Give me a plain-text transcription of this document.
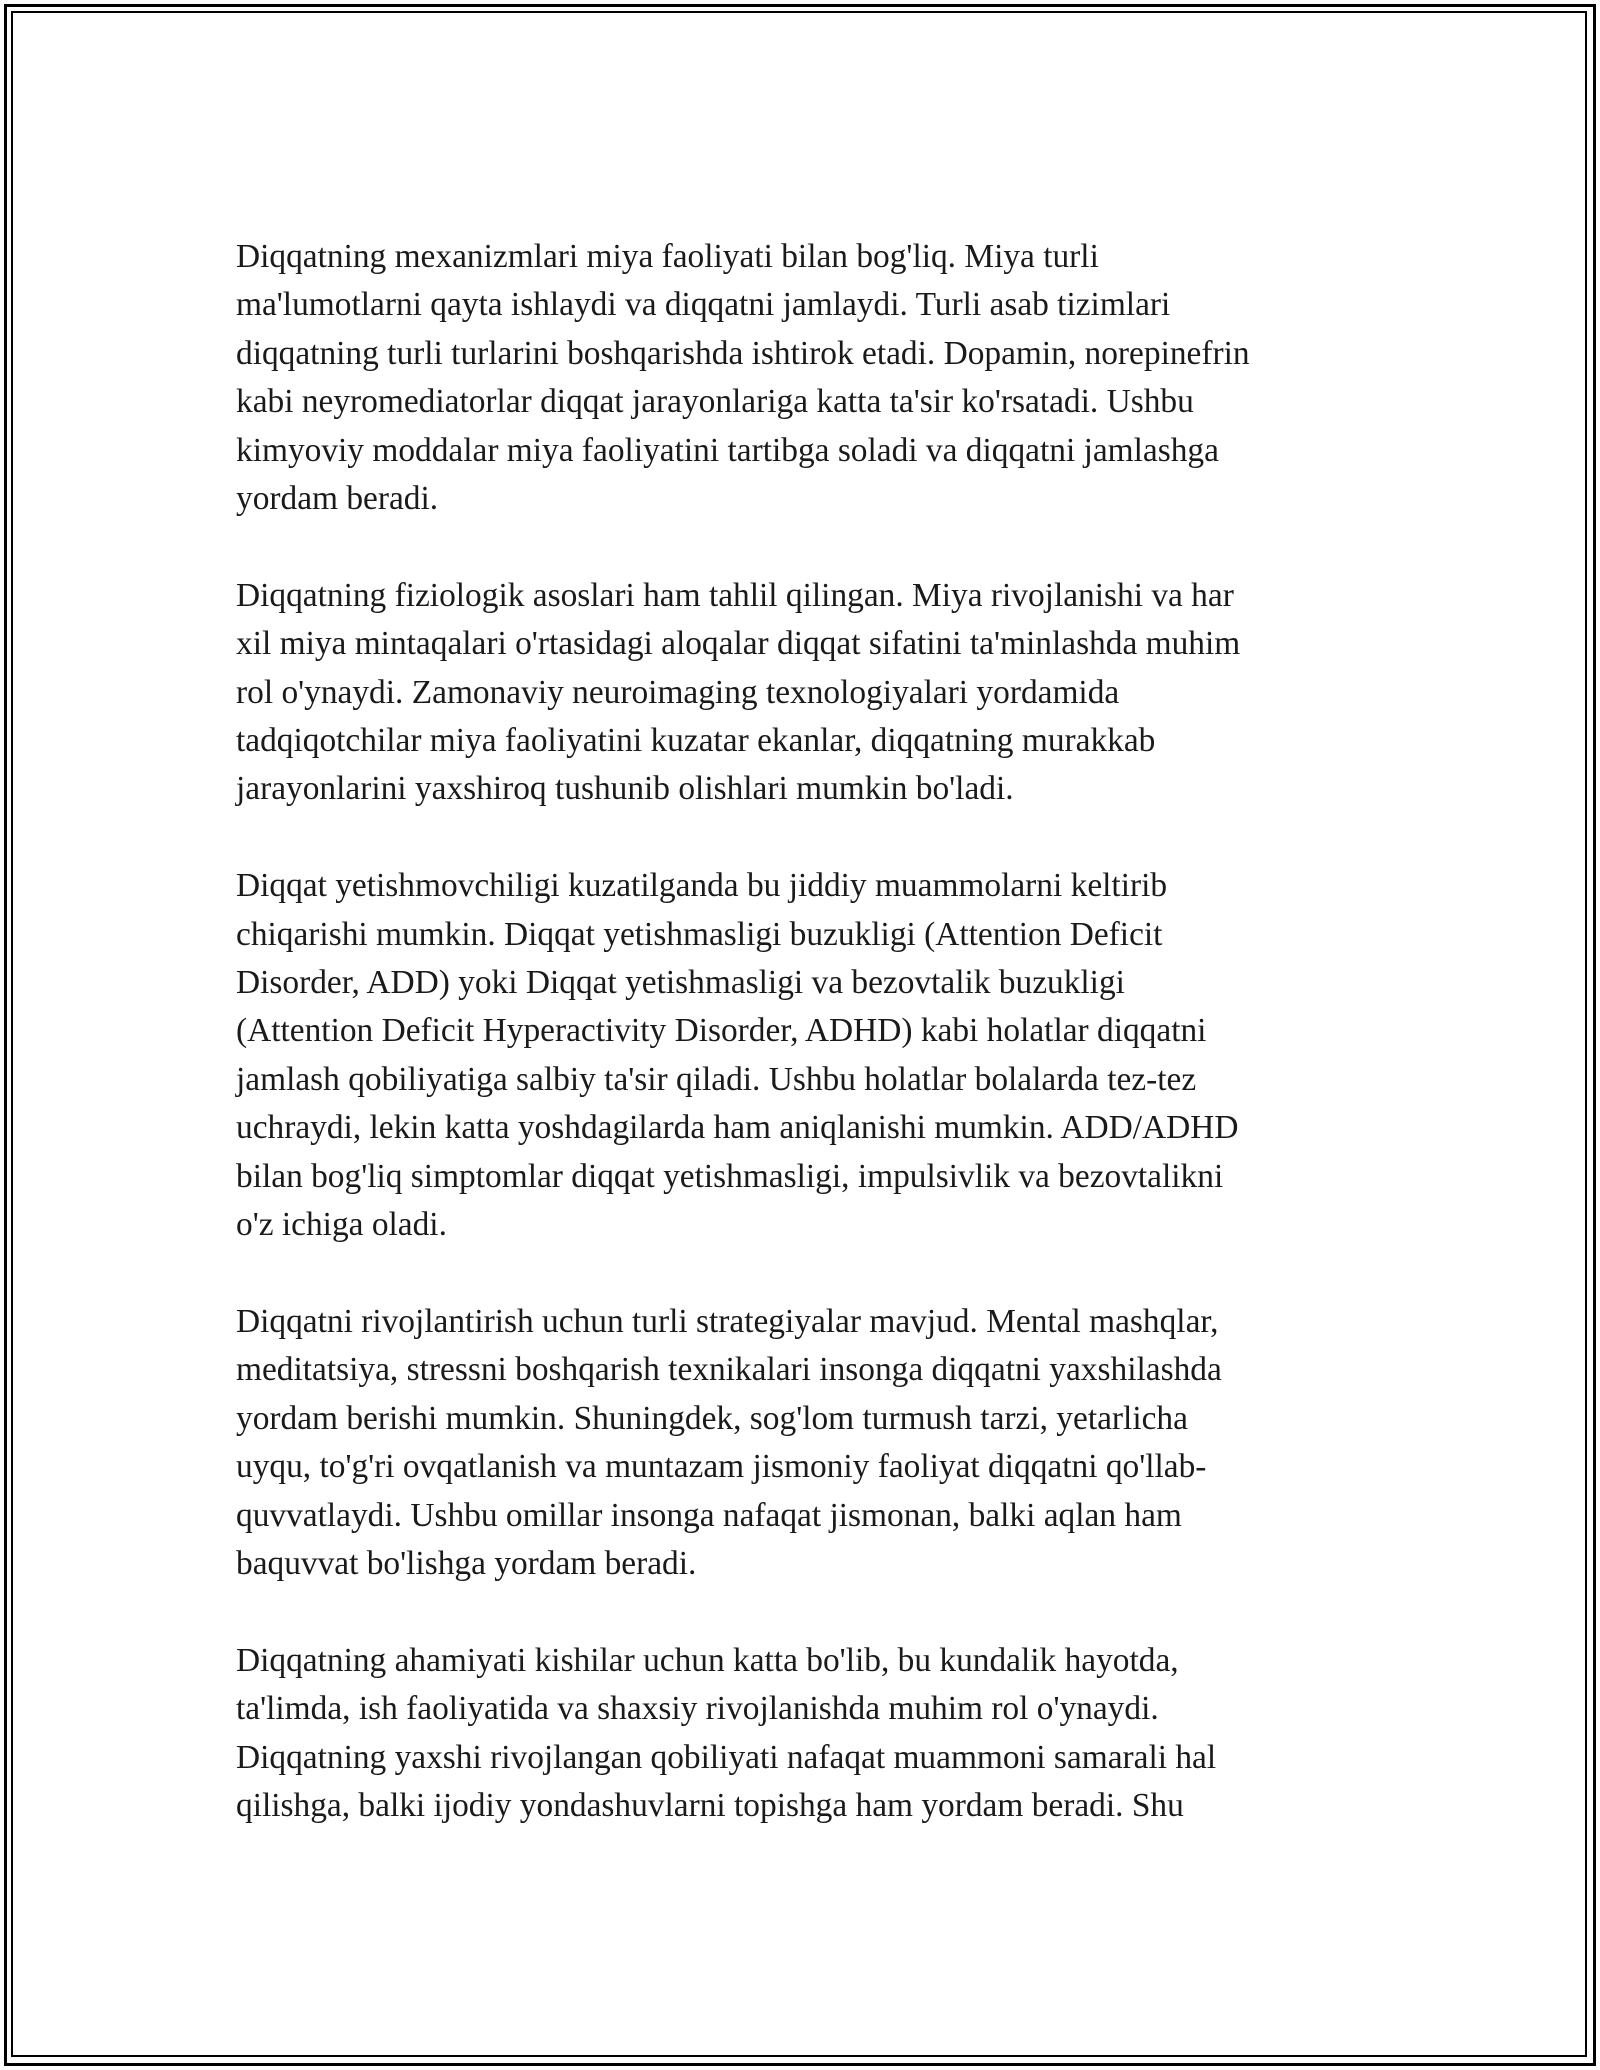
Diqqatning mexanizmlari miya faoliyati bilan bog'liq. Miya turli
ma'lumotlarni qayta ishlaydi va diqqatni jamlaydi. Turli asab tizimlari
diqqatning turli turlarini boshqarishda ishtirok etadi. Dopamin, norepinefrin
kabi neyromediatorlar diqqat jarayonlariga katta ta'sir ko'rsatadi. Ushbu
kimyoviy moddalar miya faoliyatini tartibga soladi va diqqatni jamlashga
yordam beradi.

Diqqatning fiziologik asoslari ham tahlil qilingan. Miya rivojlanishi va har
xil miya mintaqalari o'rtasidagi aloqalar diqqat sifatini ta'minlashda muhim
rol o'ynaydi. Zamonaviy neuroimaging texnologiyalari yordamida
tadqiqotchilar miya faoliyatini kuzatar ekanlar, diqqatning murakkab
jarayonlarini yaxshiroq tushunib olishlari mumkin bo'ladi.

Diqqat yetishmovchiligi kuzatilganda bu jiddiy muammolarni keltirib
chiqarishi mumkin. Diqqat yetishmasligi buzukligi (Attention Deficit
Disorder, ADD) yoki Diqqat yetishmasligi va bezovtalik buzukligi
(Attention Deficit Hyperactivity Disorder, ADHD) kabi holatlar diqqatni
jamlash qobiliyatiga salbiy ta'sir qiladi. Ushbu holatlar bolalarda tez-tez
uchraydi, lekin katta yoshdagilarda ham aniqlanishi mumkin. ADD/ADHD
bilan bog'liq simptomlar diqqat yetishmasligi, impulsivlik va bezovtalikni
o'z ichiga oladi.

Diqqatni rivojlantirish uchun turli strategiyalar mavjud. Mental mashqlar,
meditatsiya, stressni boshqarish texnikalari insonga diqqatni yaxshilashda
yordam berishi mumkin. Shuningdek, sog'lom turmush tarzi, yetarlicha
uyqu, to'g'ri ovqatlanish va muntazam jismoniy faoliyat diqqatni qo'llab-
quvvatlaydi. Ushbu omillar insonga nafaqat jismonan, balki aqlan ham
baquvvat bo'lishga yordam beradi.

Diqqatning ahamiyati kishilar uchun katta bo'lib, bu kundalik hayotda,
ta'limda, ish faoliyatida va shaxsiy rivojlanishda muhim rol o'ynaydi.
Diqqatning yaxshi rivojlangan qobiliyati nafaqat muammoni samarali hal
qilishga, balki ijodiy yondashuvlarni topishga ham yordam beradi. Shu
